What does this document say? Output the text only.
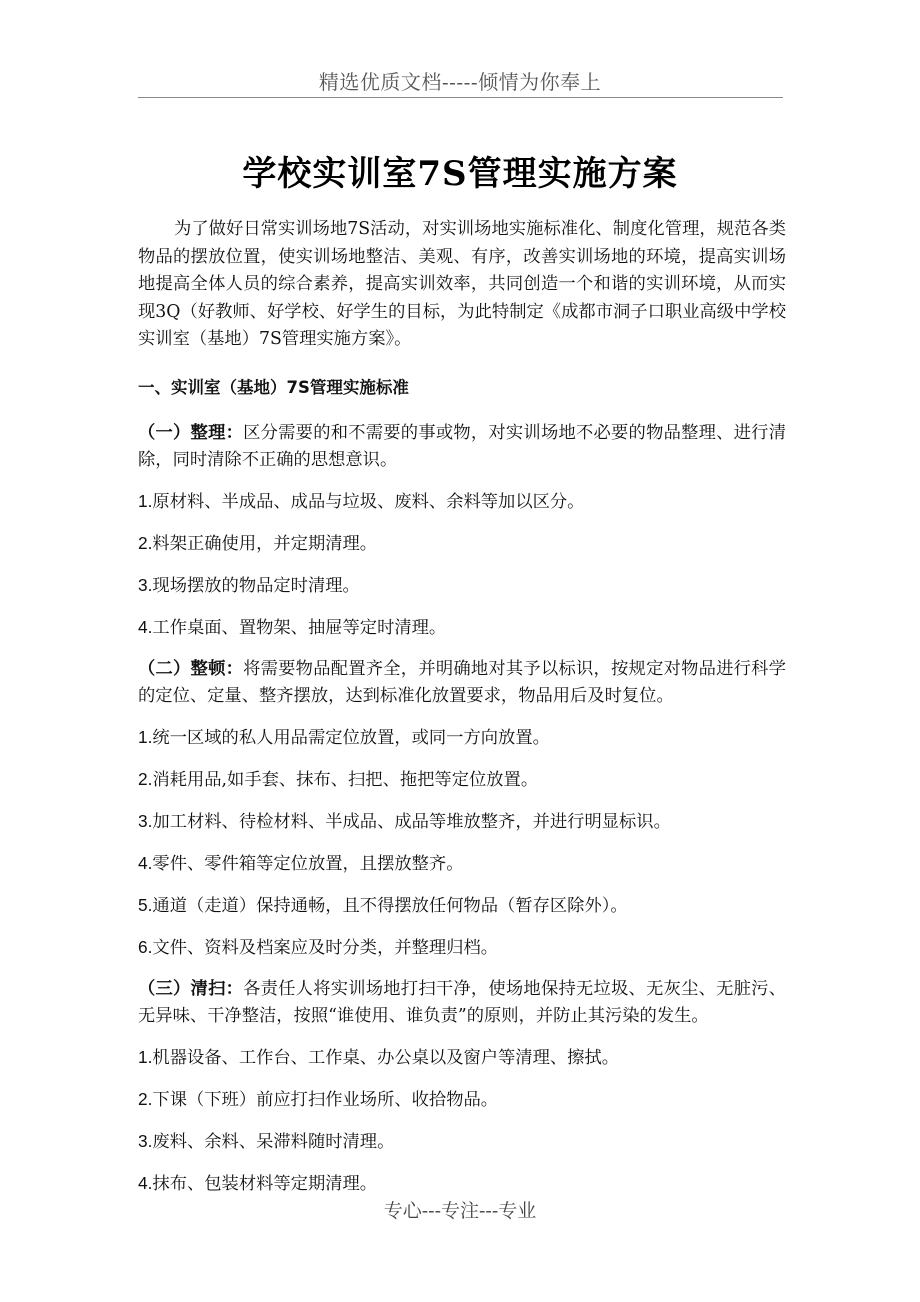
精选优质文档-----倾情为你奉上
学校实训室7S管理实施方案

为了做好日常实训场地7S活动，对实训场地实施标准化、制度化管理，规范各类物品的摆放位置，使实训场地整洁、美观、有序，改善实训场地的环境，提高实训场地提高全体人员的综合素养，提高实训效率，共同创造一个和谐的实训环境，从而实现3Q（好教师、好学校、好学生的目标，为此特制定《成都市洞子口职业高级中学校实训室（基地）7S管理实施方案》。

一、实训室（基地）7S管理实施标准

（一）整理：区分需要的和不需要的事或物，对实训场地不必要的物品整理、进行清除，同时清除不正确的思想意识。

1.原材料、半成品、成品与垃圾、废料、余料等加以区分。

2.料架正确使用，并定期清理。

3.现场摆放的物品定时清理。

4.工作桌面、置物架、抽屉等定时清理。

（二）整顿：将需要物品配置齐全，并明确地对其予以标识，按规定对物品进行科学的定位、定量、整齐摆放，达到标准化放置要求，物品用后及时复位。

1.统一区域的私人用品需定位放置，或同一方向放置。

2.消耗用品,如手套、抹布、扫把、拖把等定位放置。

3.加工材料、待检材料、半成品、成品等堆放整齐，并进行明显标识。

4.零件、零件箱等定位放置，且摆放整齐。

5.通道（走道）保持通畅，且不得摆放任何物品（暂存区除外）。

6.文件、资料及档案应及时分类，并整理归档。

（三）清扫：各责任人将实训场地打扫干净，使场地保持无垃圾、无灰尘、无脏污、无异味、干净整洁，按照“谁使用、谁负责”的原则，并防止其污染的发生。

1.机器设备、工作台、工作桌、办公桌以及窗户等清理、擦拭。

2.下课（下班）前应打扫作业场所、收拾物品。

3.废料、余料、呆滞料随时清理。

4.抹布、包装材料等定期清理。

专心---专注---专业
